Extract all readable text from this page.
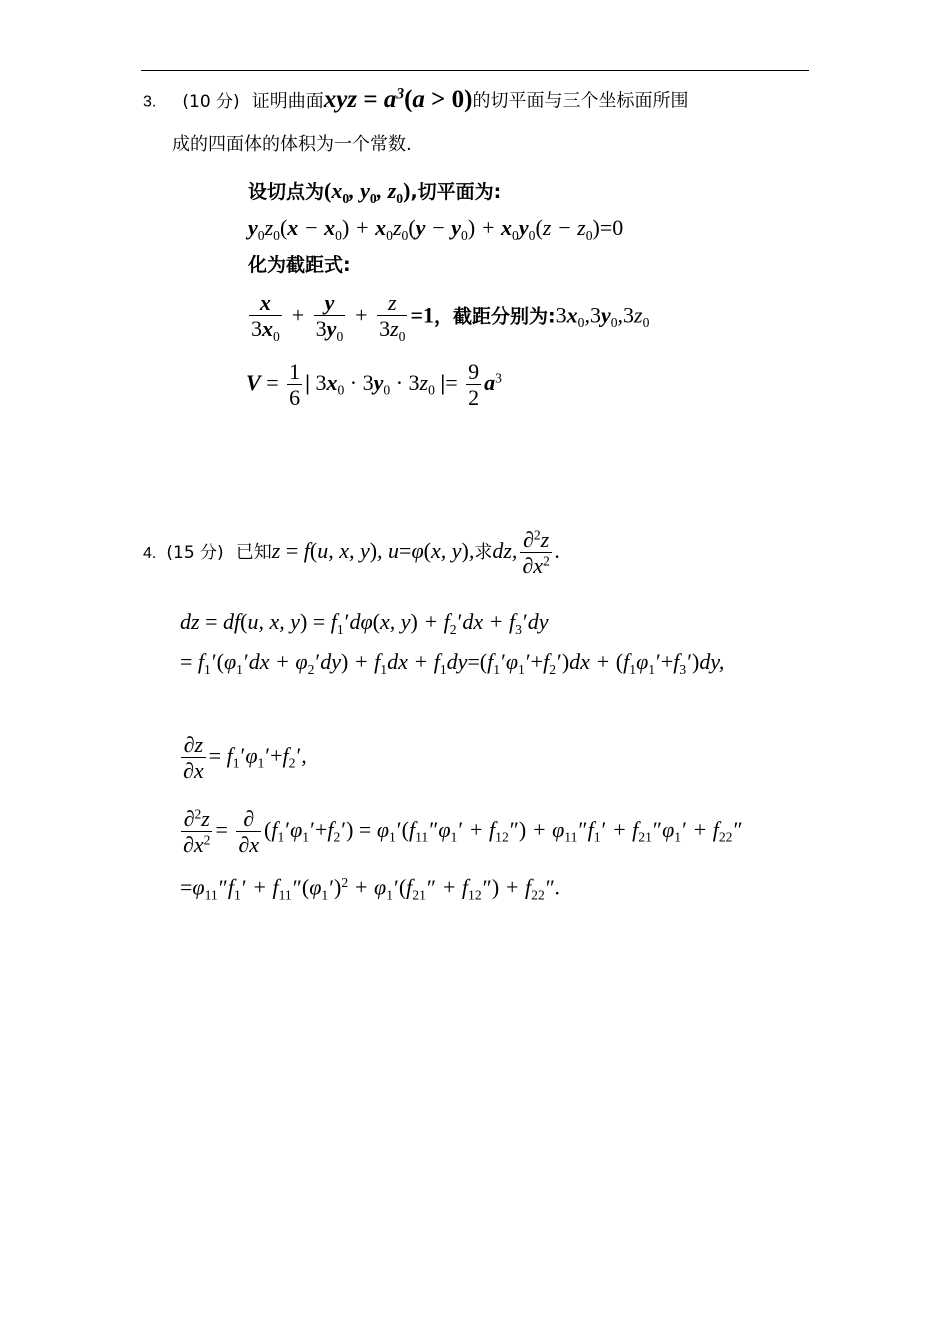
3. (10 分) 证明曲面xyz = $a^3(a > 0)$的切平面与三个坐标面所围
成的四面体的体积为一个常数.
设切点为($x_0$, $y_0$, $z_0$),切平面为:
$y_0z_0(x - x_0) + x_0z_0(y - y_0) + x_0y_0(z - z_0)=0$
化为截距式:
$\frac{x}{3x_0} + \frac{y}{3y_0} + \frac{z}{3z_0} =1$，截距分别为$:3x_0,3y_0,3z_0$
$V = \frac{1}{6}$ | $3x_0 \cdot 3y_0 \cdot 3z_0$ |= $\frac{9}{2} a^3$
4. (15 分) 已知z = f(u, x, y), u=φ(x, y),求dz, $\frac{\partial^2z}{\partial x^2}$ .
dz = df(u, x, $y) = f_1'd\varphi(x$, $y) + f_2'dx + f_3'dy$
= $f_1'(\varphi_1'dx + \varphi_2'dy) + f_1dx + f_1dy=(f_1'\varphi_1'+f_2')dx + (f_1\varphi_1'+f_3')dy$,
$\frac{\partial z}{\partial x} = f_1'\varphi_1'+f_2'$,
$\frac{\partial^2z}{\partial x^2} = \frac{\partial}{\partial x} (f_1'\varphi_1'+f_2') = \varphi_1'(f_{11}''\varphi_1' + f_{12}'') + \varphi_{11}''f_1' + f_{21}''\varphi_1' + f_{22}''$
$=\varphi_{11}''f_1' + f_{11}''(\varphi_1')^2 + \varphi_1'(f_{21}'' + f_{12}'') + f_{22}''$.
